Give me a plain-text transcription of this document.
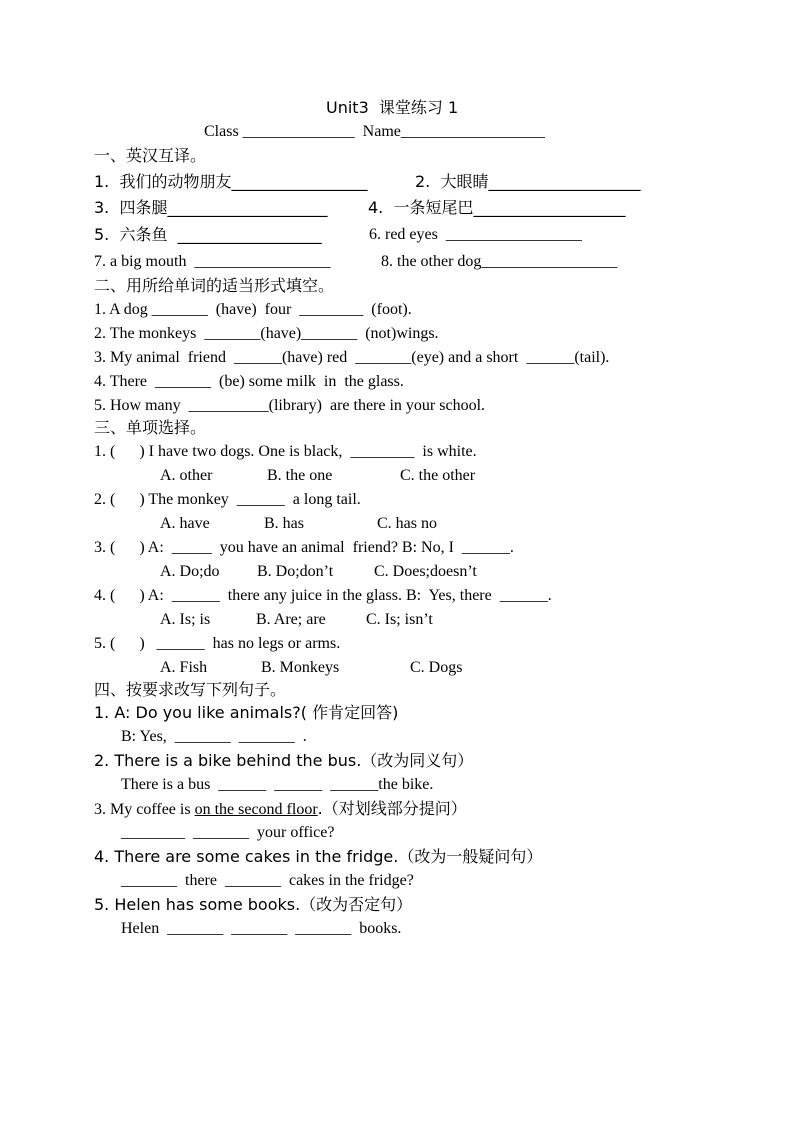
Unit3  课堂练习 1
Class ______________  Name__________________
一、英汉互译。
1.  我们的动物朋友_________________	2.  大眼睛___________________
3.  四条腿____________________	4.  一条短尾巴___________________
5.  六条鱼  __________________	6. red eyes  _________________
7. a big mouth  _________________	8. the other dog_________________
二、用所给单词的适当形式填空。
1. A dog _______  (have)  four  ________  (foot).
2. The monkeys  _______(have)_______  (not)wings.
3. My animal  friend  ______(have) red  _______(eye) and a short  ______(tail).
4. There  _______  (be) some milk  in  the glass.
5. How many  __________(library)  are there in your school.
三、单项选择。
1. (      ) I have two dogs. One is black,  ________  is white.
A. other	B. the one	C. the other
2. (      ) The monkey  ______  a long tail.
A. have	B. has	C. has no
3. (      ) A:  _____  you have an animal  friend? B: No, I  ______.
A. Do;do B. Do;don’t	C. Does;doesn’t
4. (      ) A:  ______  there any juice in the glass. B:  Yes, there  ______.
A. Is; is	B. Are; are	C. Is; isn’t
5. (      )   ______  has no legs or arms.
A. Fish	B. Monkeys	C. Dogs
四、按要求改写下列句子。
1. A: Do you like animals?( 作肯定回答)
B: Yes,  _______  _______  .
2. There is a bike behind the bus.（改为同义句）
There is a bus  ______  ______  ______the bike.
3. My coffee is on the second floor.（对划线部分提问）
________  _______  your office?
4. There are some cakes in the fridge.（改为一般疑问句）
_______  there  _______  cakes in the fridge?
5. Helen has some books.（改为否定句）
Helen  _______  _______  _______  books.
